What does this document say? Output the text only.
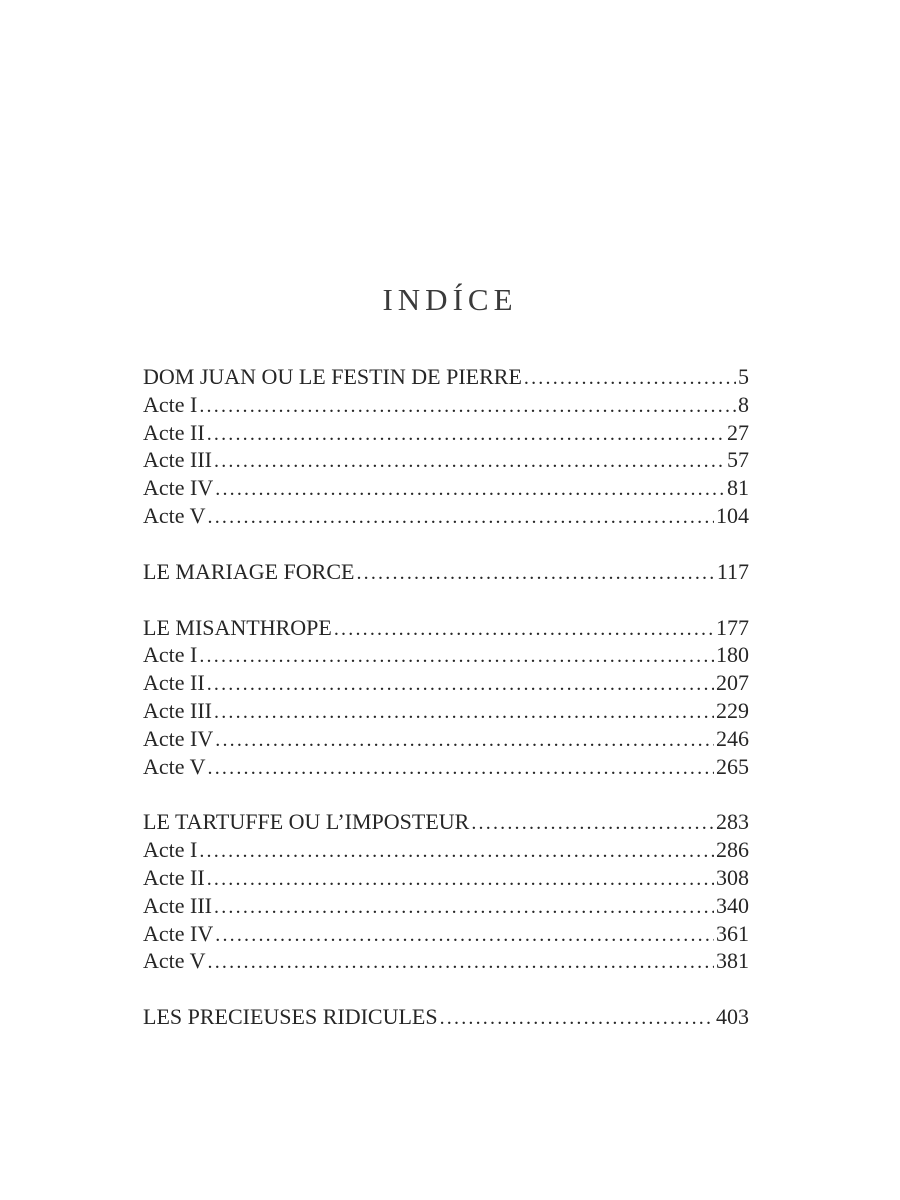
INDÍCE
DOM JUAN OU LE FESTIN DE PIERRE .....	5
Acte I .....	8
Acte II .....	27
Acte III .....	57
Acte IV .....	81
Acte V .....	104
LE MARIAGE FORCE .....	117
LE MISANTHROPE .....	177
Acte I .....	180
Acte II .....	207
Acte III .....	229
Acte IV .....	246
Acte V .....	265
LE TARTUFFE OU L’IMPOSTEUR .....	283
Acte I .....	286
Acte II .....	308
Acte III .....	340
Acte IV .....	361
Acte V .....	381
LES PRECIEUSES RIDICULES .....	403
